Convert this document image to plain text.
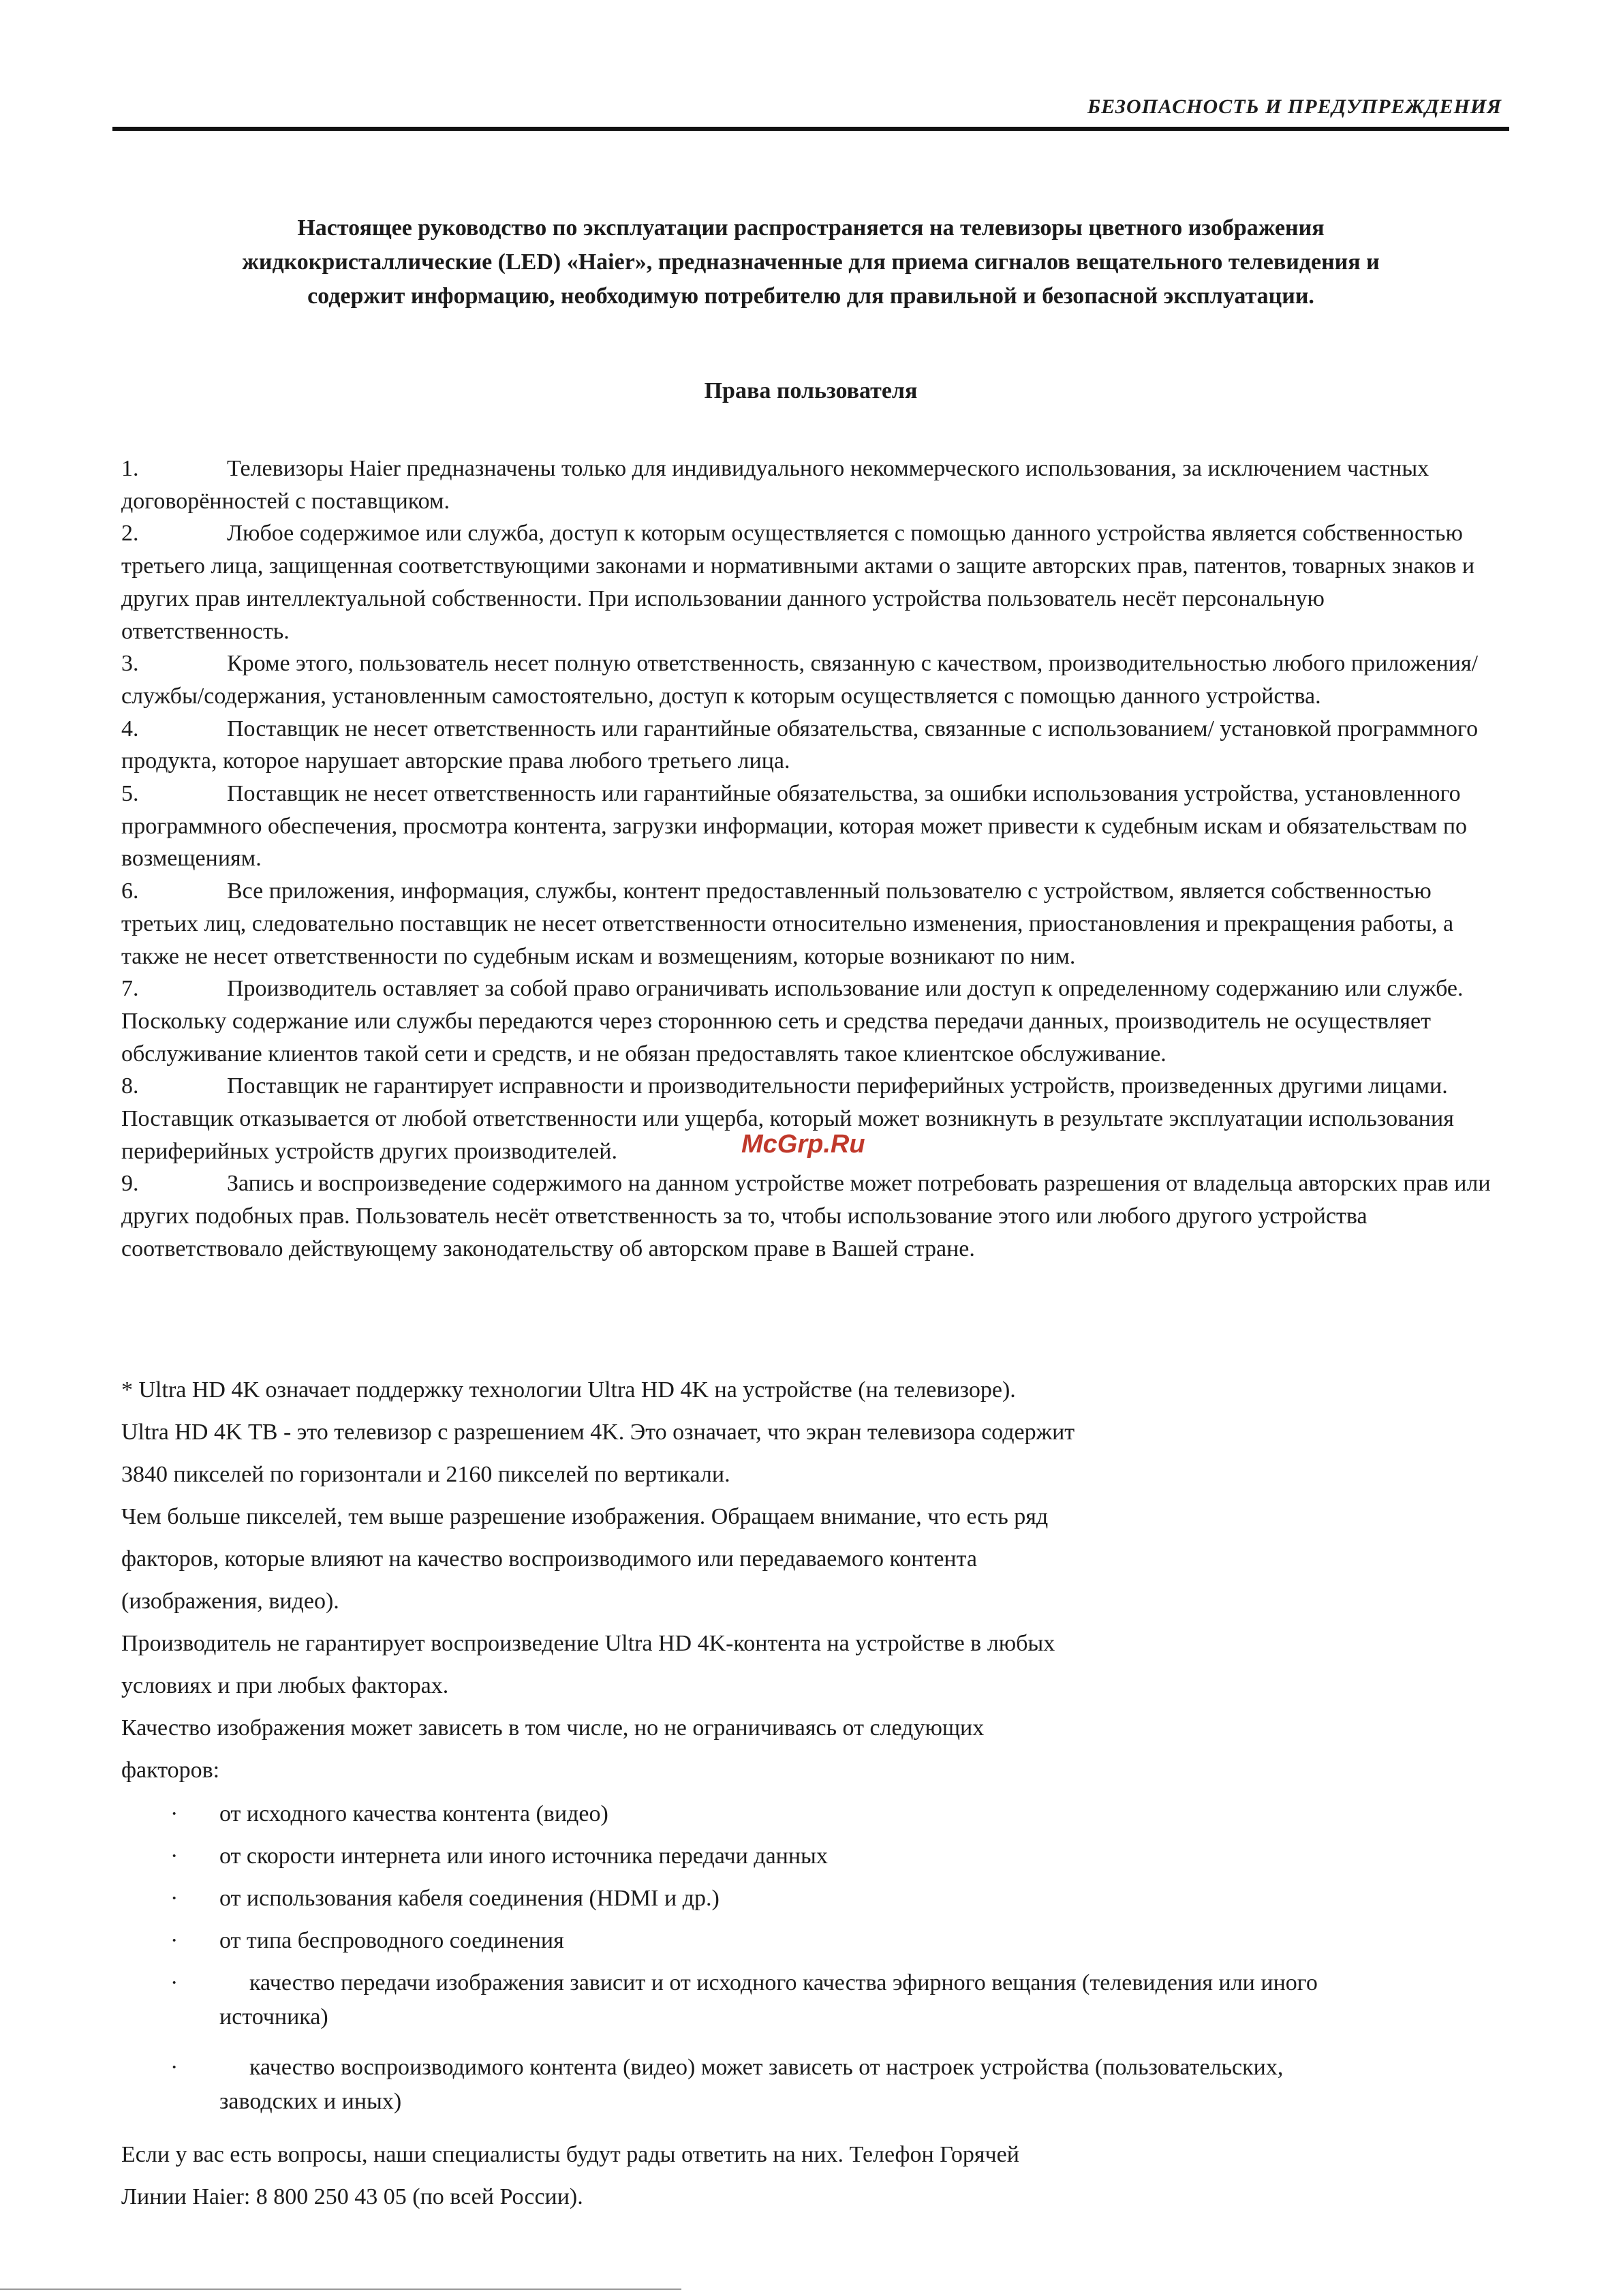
БЕЗОПАСНОСТЬ И ПРЕДУПРЕЖДЕНИЯ
Настоящее руководство по эксплуатации распространяется на телевизоры цветного изображения
жидкокристаллические (LED) «Haier», предназначенные для приема сигналов вещательного телевидения и
содержит информацию, необходимую потребителю для правильной и безопасной эксплуатации.
Права пользователя
1.	Телевизоры Haier предназначены только для индивидуального некоммерческого использования, за исключением частных договорённостей с поставщиком.
2.	Любое содержимое или служба, доступ к которым осуществляется с помощью данного устройства является собственностью третьего лица, защищенная соответствующими законами и нормативными актами о защите авторских прав, патентов, товарных знаков и других прав интеллектуальной собственности. При использовании данного устройства пользователь несёт персональную ответственность.
3.	Кроме этого, пользователь несет полную ответственность, связанную с качеством, производительностью любого приложения/службы/содержания, установленным самостоятельно, доступ к которым осуществляется с помощью данного устройства.
4.	Поставщик не несет ответственность или гарантийные обязательства, связанные с использованием/ установкой программного продукта, которое нарушает авторские права любого третьего лица.
5.	Поставщик не несет ответственность или гарантийные обязательства, за ошибки использования устройства, установленного программного обеспечения, просмотра контента, загрузки информации, которая может привести к судебным искам и обязательствам по возмещениям.
6.	Все приложения, информация, службы, контент предоставленный пользователю с устройством, является собственностью третьих лиц, следовательно поставщик не несет ответственности относительно изменения, приостановления и прекращения работы, а также не несет ответственности по судебным искам и возмещениям, которые возникают по ним.
7.	Производитель оставляет за собой право ограничивать использование или доступ к определенному содержанию или службе. Поскольку содержание или службы передаются через стороннюю сеть и средства передачи данных, производитель не осуществляет обслуживание клиентов такой сети и средств, и не обязан предоставлять такое клиентское обслуживание.
8.	Поставщик не гарантирует исправности и производительности периферийных устройств, произведенных другими лицами. Поставщик отказывается от любой ответственности или ущерба, который может возникнуть в результате эксплуатации использования периферийных устройств других производителей.
9.	Запись и воспроизведение содержимого на данном устройстве может потребовать разрешения от владельца авторских прав или других подобных прав. Пользователь несёт ответственность за то, чтобы использование этого или любого другого устройства соответствовало действующему законодательству об авторском праве в Вашей стране.
McGrp.Ru

* Ultra HD 4K означает поддержку технологии Ultra HD 4K на устройстве (на телевизоре).

Ultra HD 4K ТВ - это телевизор с разрешением 4K. Это означает, что экран телевизора содержит

3840 пикселей по горизонтали и 2160 пикселей по вертикали.

Чем больше пикселей, тем выше разрешение изображения. Обращаем внимание, что есть ряд

факторов, которые влияют на качество воспроизводимого или передаваемого контента

(изображения, видео).

Производитель не гарантирует воспроизведение Ultra HD 4K-контента на устройстве в любых

условиях и при любых факторах.

Качество изображения может зависеть в том числе, но не ограничиваясь от следующих

факторов:

· от исходного качества контента (видео)
· от скорости интернета или иного источника передачи данных
· от использования кабеля соединения (HDMI и др.)
· от типа беспроводного соединения
·	качество передачи изображения зависит и от исходного качества эфирного вещания (телевидения или иного источника)
·	качество воспроизводимого контента (видео) может зависеть от настроек устройства (пользовательских, заводских и иных)

Если у вас есть вопросы, наши специалисты будут рады ответить на них. Телефон Горячей

Линии Haier: 8 800 250 43 05 (по всей России).
